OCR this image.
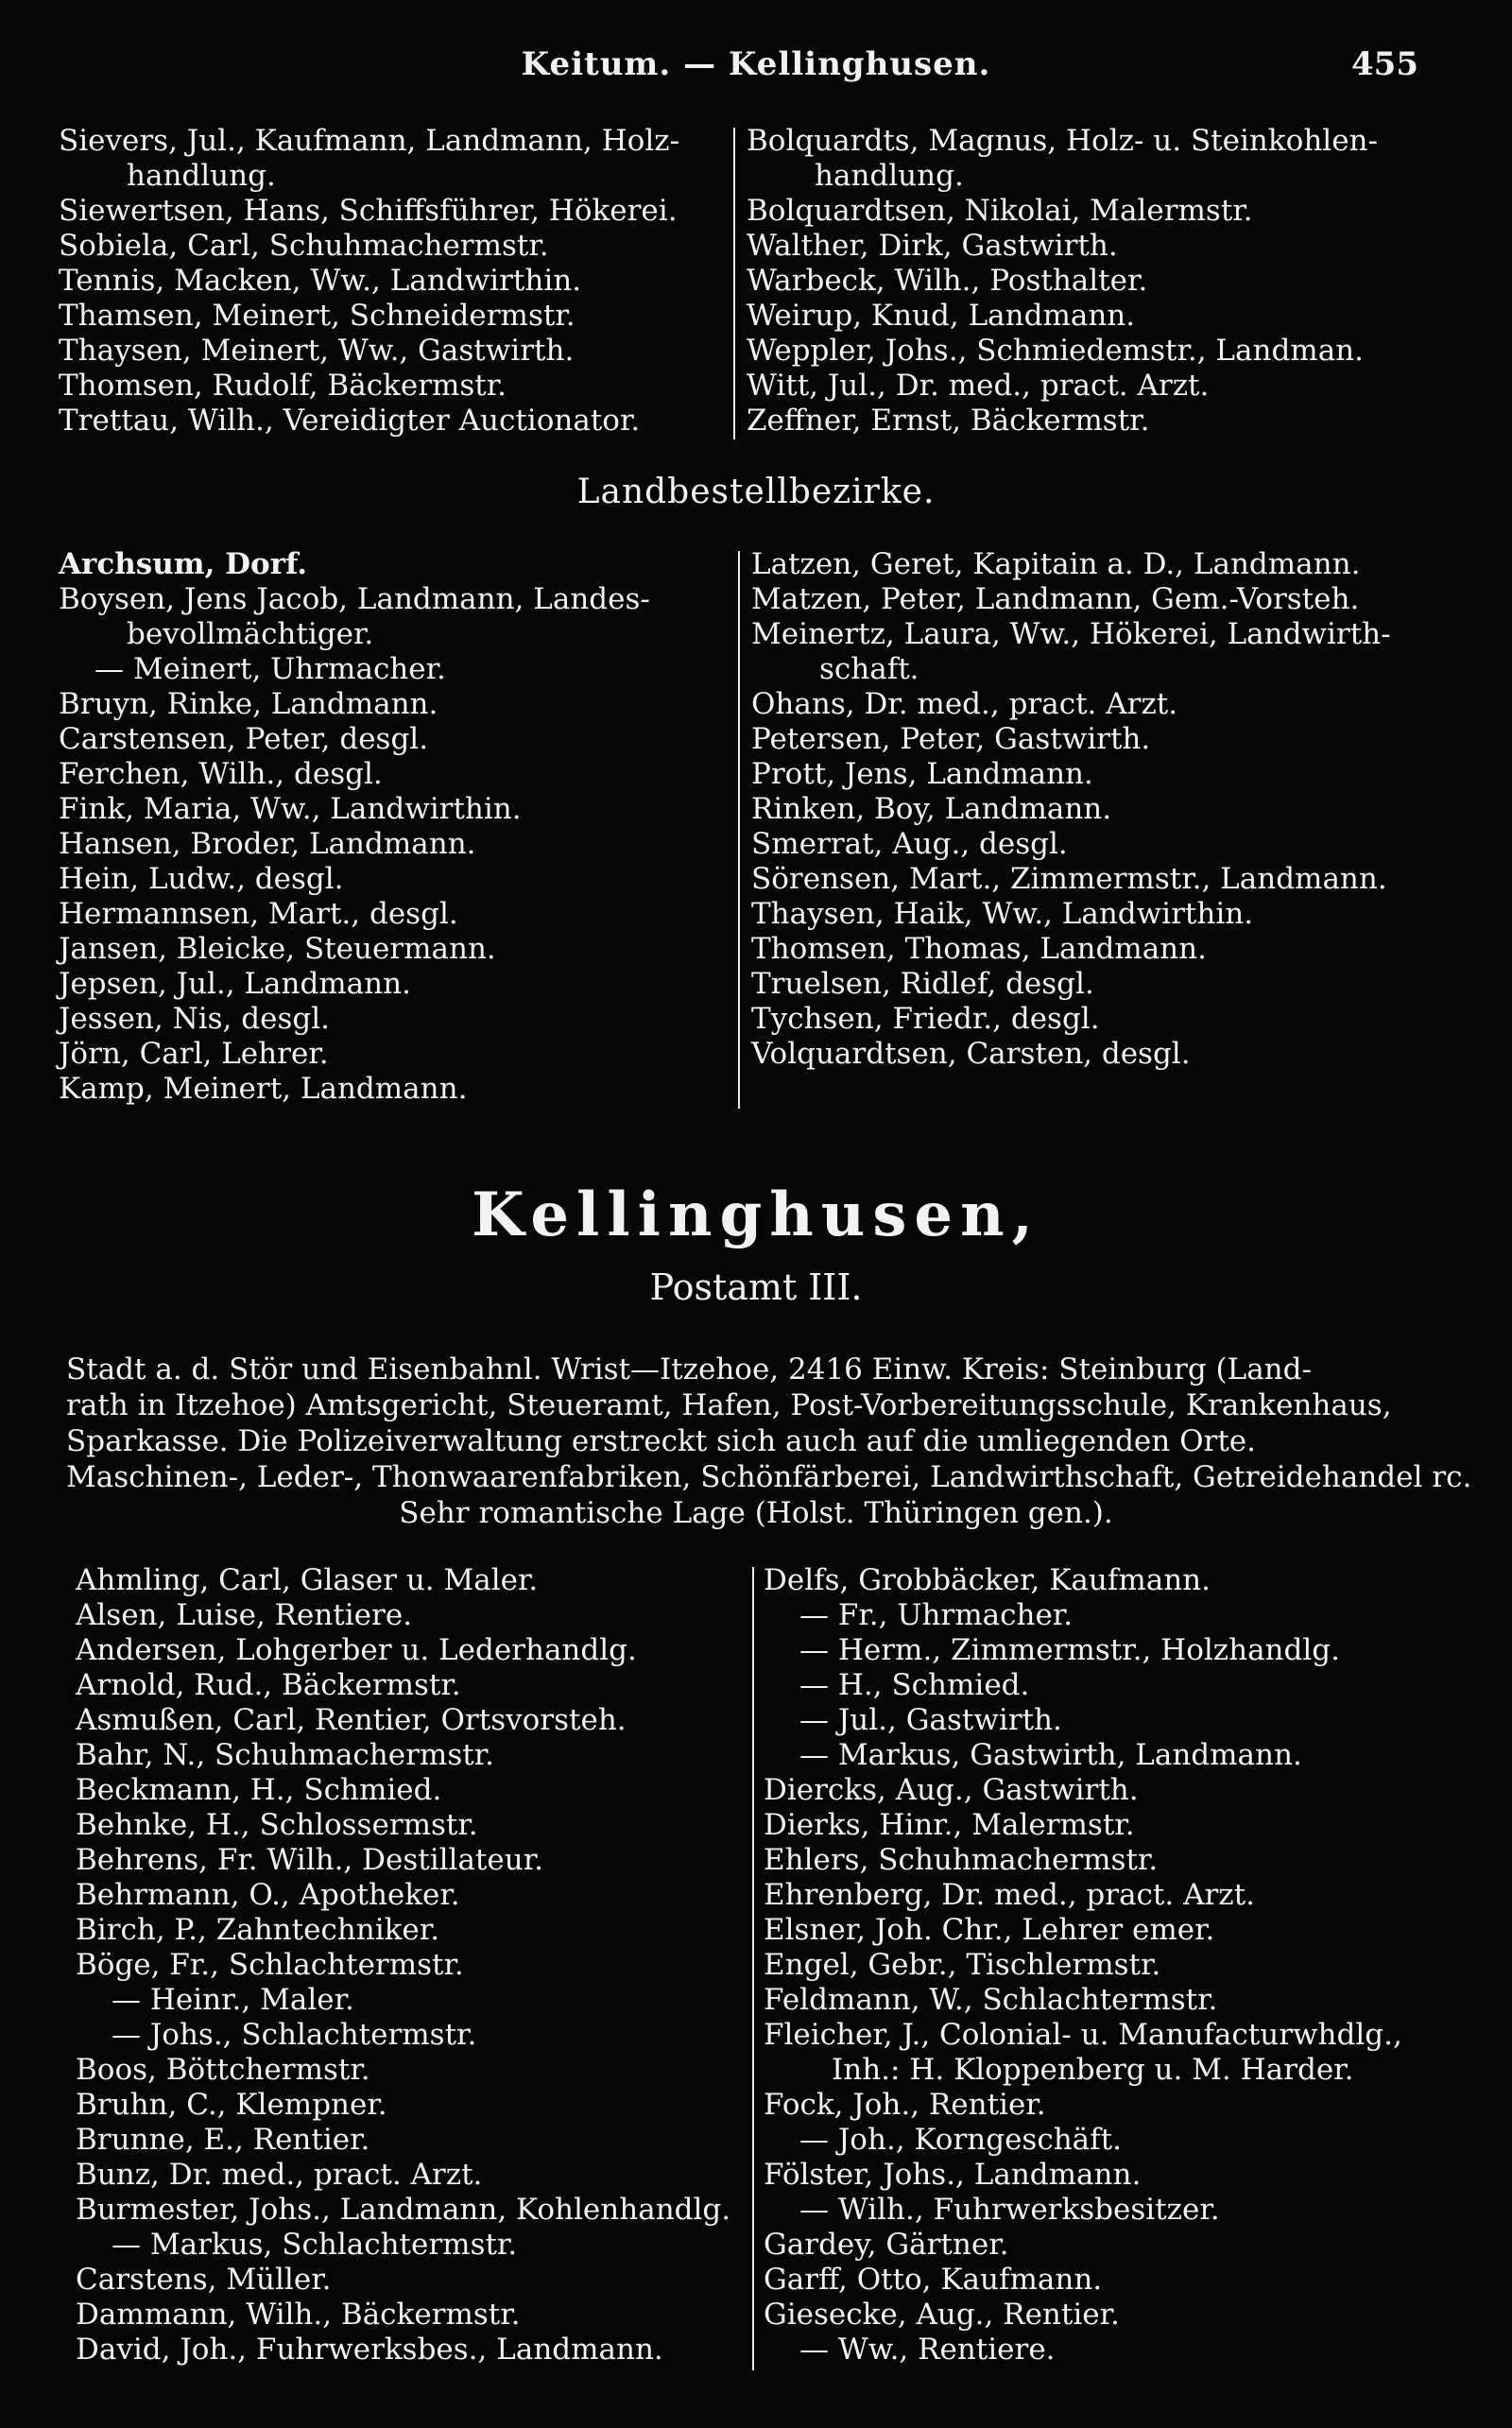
Keitum. — Kellinghusen.	455
Sievers, Jul., Kaufmann, Landmann, Holz-
handlung.
Siewertsen, Hans, Schiffsführer, Hökerei.
Sobiela, Carl, Schuhmachermstr.
Tennis, Macken, Ww., Landwirthin.
Thamsen, Meinert, Schneidermstr.
Thaysen, Meinert, Ww., Gastwirth.
Thomsen, Rudolf, Bäckermstr.
Trettau, Wilh., Vereidigter Auctionator.
Bolquardts, Magnus, Holz- u. Steinkohlen-
handlung.
Bolquardtsen, Nikolai, Malermstr.
Walther, Dirk, Gastwirth.
Warbeck, Wilh., Posthalter.
Weirup, Knud, Landmann.
Weppler, Johs., Schmiedemstr., Landman.
Witt, Jul., Dr. med., pract. Arzt.
Zeffner, Ernst, Bäckermstr.
Landbestellbezirke.
Archsum, Dorf.
Boysen, Jens Jacob, Landmann, Landes-
bevollmächtiger.
— Meinert, Uhrmacher.
Bruyn, Rinke, Landmann.
Carstensen, Peter, desgl.
Ferchen, Wilh., desgl.
Fink, Maria, Ww., Landwirthin.
Hansen, Broder, Landmann.
Hein, Ludw., desgl.
Hermannsen, Mart., desgl.
Jansen, Bleicke, Steuermann.
Jepsen, Jul., Landmann.
Jessen, Nis, desgl.
Jörn, Carl, Lehrer.
Kamp, Meinert, Landmann.
Latzen, Geret, Kapitain a. D., Landmann.
Matzen, Peter, Landmann, Gem.-Vorsteh.
Meinertz, Laura, Ww., Hökerei, Landwirth-
schaft.
Ohans, Dr. med., pract. Arzt.
Petersen, Peter, Gastwirth.
Prott, Jens, Landmann.
Rinken, Boy, Landmann.
Smerrat, Aug., desgl.
Sörensen, Mart., Zimmermstr., Landmann.
Thaysen, Haik, Ww., Landwirthin.
Thomsen, Thomas, Landmann.
Truelsen, Ridlef, desgl.
Tychsen, Friedr., desgl.
Volquardtsen, Carsten, desgl.
Kellinghusen,
Postamt III.
Stadt a. d. Stör und Eisenbahnl. Wrist—Itzehoe, 2416 Einw. Kreis: Steinburg (Land-
rath in Itzehoe) Amtsgericht, Steueramt, Hafen, Post-Vorbereitungsschule, Krankenhaus,
Sparkasse. Die Polizeiverwaltung erstreckt sich auch auf die umliegenden Orte.
Maschinen-, Leder-, Thonwaarenfabriken, Schönfärberei, Landwirthschaft, Getreidehandel rc.
Sehr romantische Lage (Holst. Thüringen gen.).
Ahmling, Carl, Glaser u. Maler.
Alsen, Luise, Rentiere.
Andersen, Lohgerber u. Lederhandlg.
Arnold, Rud., Bäckermstr.
Asmußen, Carl, Rentier, Ortsvorsteh.
Bahr, N., Schuhmachermstr.
Beckmann, H., Schmied.
Behnke, H., Schlossermstr.
Behrens, Fr. Wilh., Destillateur.
Behrmann, O., Apotheker.
Birch, P., Zahntechniker.
Böge, Fr., Schlachtermstr.
— Heinr., Maler.
— Johs., Schlachtermstr.
Boos, Böttchermstr.
Bruhn, C., Klempner.
Brunne, E., Rentier.
Bunz, Dr. med., pract. Arzt.
Burmester, Johs., Landmann, Kohlenhandlg.
— Markus, Schlachtermstr.
Carstens, Müller.
Dammann, Wilh., Bäckermstr.
David, Joh., Fuhrwerksbes., Landmann.
Delfs, Grobbäcker, Kaufmann.
— Fr., Uhrmacher.
— Herm., Zimmermstr., Holzhandlg.
— H., Schmied.
— Jul., Gastwirth.
— Markus, Gastwirth, Landmann.
Diercks, Aug., Gastwirth.
Dierks, Hinr., Malermstr.
Ehlers, Schuhmachermstr.
Ehrenberg, Dr. med., pract. Arzt.
Elsner, Joh. Chr., Lehrer emer.
Engel, Gebr., Tischlermstr.
Feldmann, W., Schlachtermstr.
Fleicher, J., Colonial- u. Manufacturwhdlg.,
Inh.: H. Kloppenberg u. M. Harder.
Fock, Joh., Rentier.
— Joh., Korngeschäft.
Fölster, Johs., Landmann.
— Wilh., Fuhrwerksbesitzer.
Gardey, Gärtner.
Garff, Otto, Kaufmann.
Giesecke, Aug., Rentier.
— Ww., Rentiere.
